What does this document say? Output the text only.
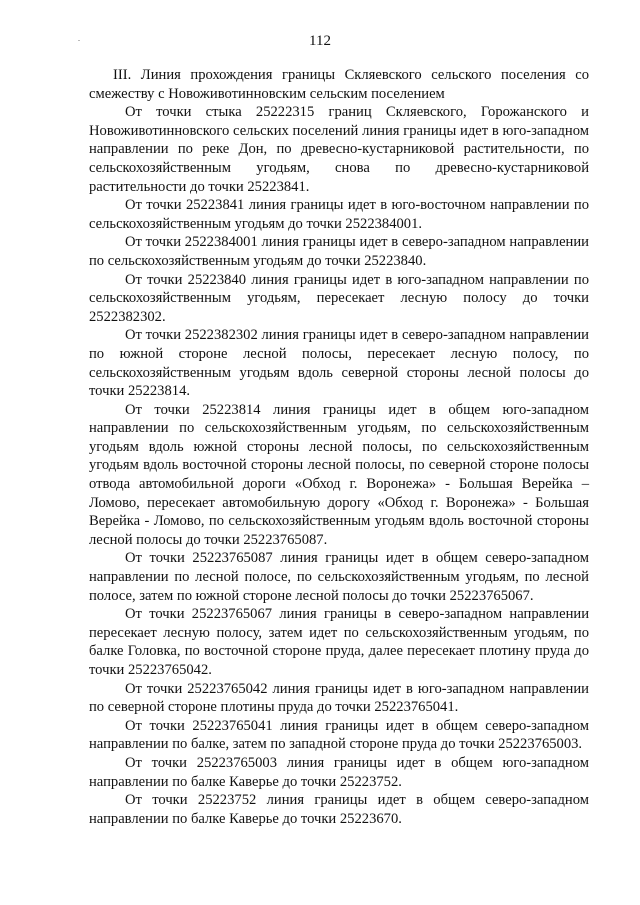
112

III. Линия прохождения границы Скляевского сельского поселения со смежеству с Новоживотинновским сельским поселением

От точки стыка 25222315 границ Скляевского, Горожанского и Новоживотинновского сельских поселений линия границы идет в юго-западном направлении по реке Дон, по древесно-кустарниковой растительности, по сельскохозяйственным угодьям, снова по древесно-кустарниковой растительности до точки 25223841.

От точки 25223841 линия границы идет в юго-восточном направлении по сельскохозяйственным угодьям до точки 2522384001.

От точки 2522384001 линия границы идет в северо-западном направлении по сельскохозяйственным угодьям до точки 25223840.

От точки 25223840 линия границы идет в юго-западном направлении по сельскохозяйственным угодьям, пересекает лесную полосу до точки 2522382302.

От точки 2522382302 линия границы идет в северо-западном направлении по южной стороне лесной полосы, пересекает лесную полосу, по сельскохозяйственным угодьям вдоль северной стороны лесной полосы до точки 25223814.

От точки 25223814 линия границы идет в общем юго-западном направлении по сельскохозяйственным угодьям, по сельскохозяйственным угодьям вдоль южной стороны лесной полосы, по сельскохозяйственным угодьям вдоль восточной стороны лесной полосы, по северной стороне полосы отвода автомобильной дороги «Обход г. Воронежа» - Большая Верейка – Ломово, пересекает автомобильную дорогу «Обход г. Воронежа» - Большая Верейка - Ломово, по сельскохозяйственным угодьям вдоль восточной стороны лесной полосы до точки 25223765087.

От точки 25223765087 линия границы идет в общем северо-западном направлении по лесной полосе, по сельскохозяйственным угодьям, по лесной полосе, затем по южной стороне лесной полосы до точки 25223765067.

От точки 25223765067 линия границы в северо-западном направлении пересекает лесную полосу, затем идет по сельскохозяйственным угодьям, по балке Головка, по восточной стороне пруда, далее пересекает плотину пруда до точки 25223765042.

От точки 25223765042 линия границы идет в юго-западном направлении по северной стороне плотины пруда до точки 25223765041.

От точки 25223765041 линия границы идет в общем северо-западном направлении по балке, затем по западной стороне пруда до точки 25223765003.

От точки 25223765003 линия границы идет в общем юго-западном направлении по балке Каверье до точки 25223752.

От точки 25223752 линия границы идет в общем северо-западном направлении по балке Каверье до точки 25223670.
